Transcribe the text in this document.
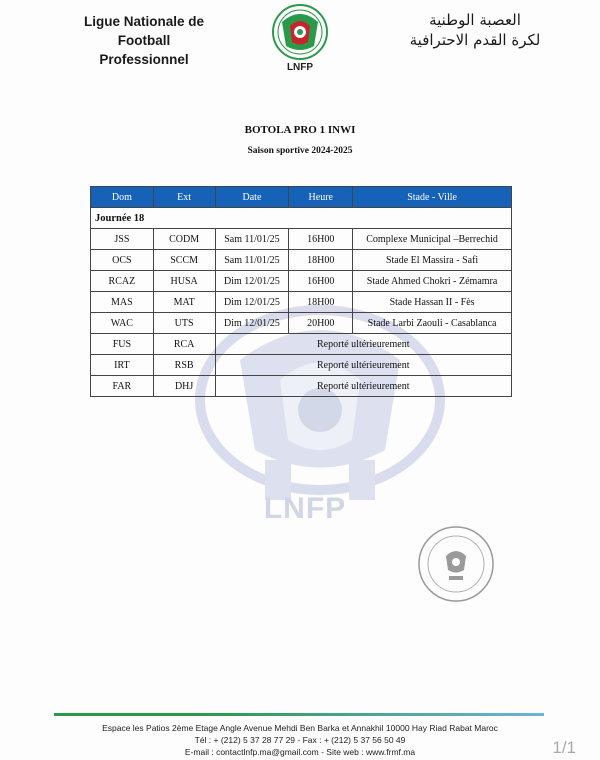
Ligue Nationale de
Football Professionnel
LNFP
العصبة الوطنية
لكرة القدم الاحترافية
LNFP
BOTOLA PRO 1 INWI
Saison sportive 2024-2025
Dom	Ext	Date	Heure	Stade - Ville
Journée 18				
JSS	CODM	Sam 11/01/25	16H00	Complexe Municipal –Berrechid
OCS	SCCM	Sam 11/01/25	18H00	Stade El Massira - Safi
RCAZ	HUSA	Dim 12/01/25	16H00	Stade Ahmed Chokri - Zémamra
MAS	MAT	Dim 12/01/25	18H00	Stade Hassan II - Fès
WAC	UTS	Dim 12/01/25	20H00	Stade Larbi Zaouli - Casablanca
FUS	RCA	Reporté ultérieurement		
IRT	RSB	Reporté ultérieurement		
FAR	DHJ	Reporté ultérieurement		
Espace les Patios 2ème Etage Angle Avenue Mehdi Ben Barka et Annakhil 10000 Hay Riad Rabat Maroc
Tél : + (212) 5 37 28 77 29 - Fax : + (212) 5 37 56 50 49
E-mail : contactlnfp.ma@gmail.com - Site web : www.frmf.ma	1/1
